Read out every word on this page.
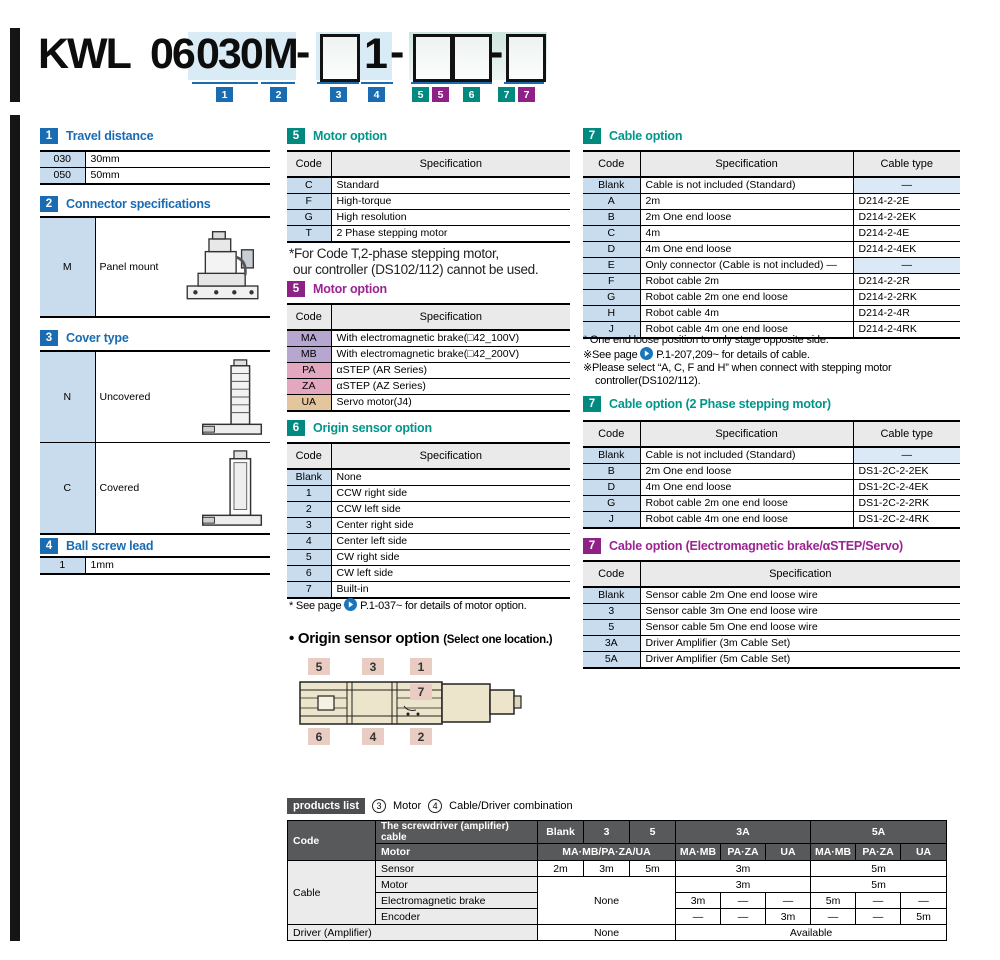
KWL 06 030 M - 1 - -
1	2	3	4	5	5	6	7	7
1	Travel distance
030	30mm
050	50mm
2	Connector specifications
M	Panel mount
3	Cover type
N	Uncovered

C	Covered
4	Ball screw lead
1	1mm
5	Motor option
Code	Specification
C	Standard
F	High-torque
G	High resolution
T	2 Phase stepping motor
*For Code T,2-phase stepping motor,
our controller (DS102/112) cannot be used.
5	Motor option
Code	Specification
MA	With electromagnetic brake(□42_100V)
MB	With electromagnetic brake(□42_200V)
PA	αSTEP (AR Series)
ZA	αSTEP (AZ Series)
UA	Servo motor(J4)
6	Origin sensor option
Code	Specification
Blank	None
1	CCW right side
2	CCW left side
3	Center right side
4	Center left side
5	CW right side
6	CW left side
7	Built-in
* See page P.1-037~ for details of motor option.
• Origin sensor option (Select one location.)
5	3	1
7
6	4	2
7	Cable option
Code	Specification	Cable type
Blank	Cable is not included (Standard)	—
A	2m	D214-2-2E
B	2m One end loose	D214-2-2EK
C	4m	D214-2-4E
D	4m One end loose	D214-2-4EK
E	Only connector (Cable is not included) —	—
F	Robot cable 2m	D214-2-2R
G	Robot cable 2m one end loose	D214-2-2RK
H	Robot cable 4m	D214-2-4R
J	Robot cable 4m one end loose	D214-2-4RK
* One end loose position to only stage opposite side.
※See page P.1-207,209~ for details of cable.
※Please select “A, C, F and H” when connect with stepping motor
controller(DS102/112).
7	Cable option (2 Phase stepping motor)
Code	Specification	Cable type
Blank	Cable is not included (Standard)	—
B	2m One end loose	DS1-2C-2-2EK
D	4m One end loose	DS1-2C-2-4EK
G	Robot cable 2m one end loose	DS1-2C-2-2RK
J	Robot cable 4m one end loose	DS1-2C-2-4RK
7	Cable option (Electromagnetic brake/αSTEP/Servo)
Code	Specification
Blank	Sensor cable 2m One end loose wire
3	Sensor cable 3m One end loose wire
5	Sensor cable 5m One end loose wire
3A	Driver Amplifier (3m Cable Set)
5A	Driver Amplifier (5m Cable Set)
products list	3	Motor	4	Cable/Driver combination
Code	The screwdriver (amplifier) cable	Blank	3	5	3A			5A		
	Motor	MA·MB/PA·ZA/UA			MA·MB	PA·ZA	UA	MA·MB	PA·ZA	UA
Cable	Sensor	2m	3m	5m	3m			5m		
	Motor	None			3m			5m		
	Electromagnetic brake				3m	—	—	5m	—	—
	Encoder				—	—	3m	—	—	5m
Driver (Amplifier)		None			Available					
